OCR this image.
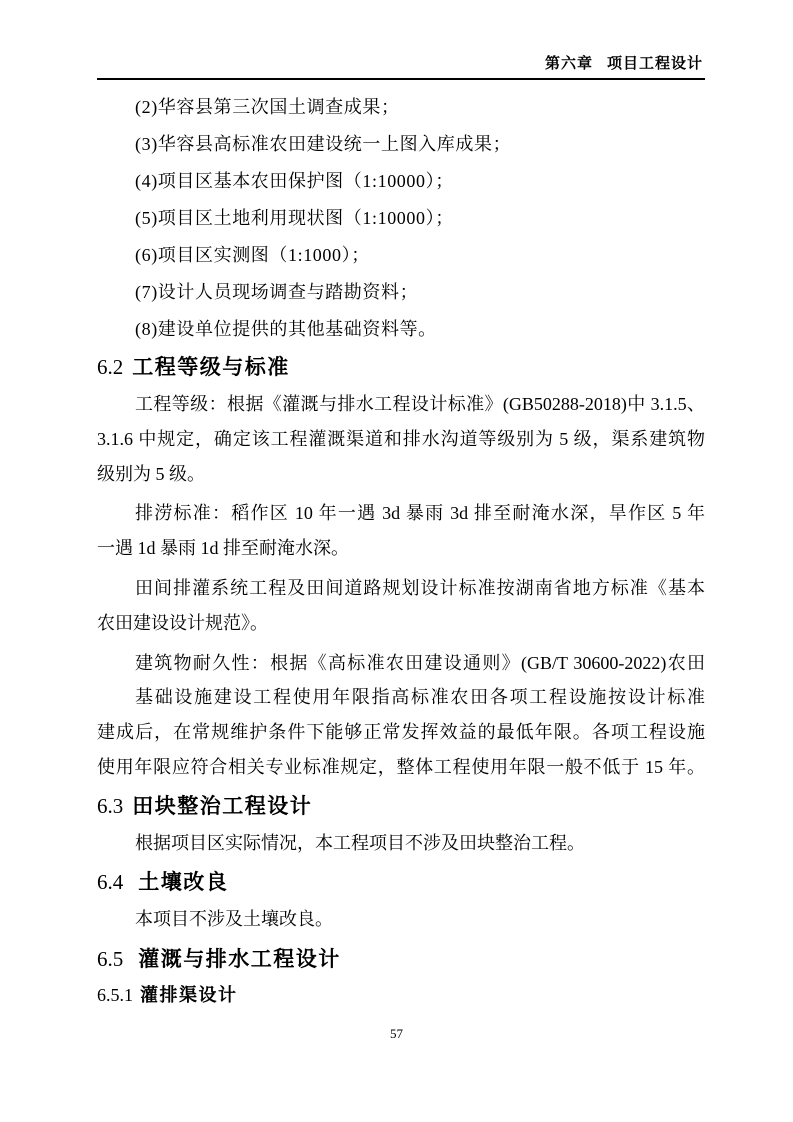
第六章 项目工程设计
(2)华容县第三次国土调查成果；
(3)华容县高标准农田建设统一上图入库成果；
(4)项目区基本农田保护图（1:10000）；
(5)项目区土地利用现状图（1:10000）；
(6)项目区实测图（1:1000）；
(7)设计人员现场调查与踏勘资料；
(8)建设单位提供的其他基础资料等。
6.2 工程等级与标准
工程等级：根据《灌溉与排水工程设计标准》(GB50288-2018)中 3.1.5、
3.1.6 中规定，确定该工程灌溉渠道和排水沟道等级别为 5 级，渠系建筑物
级别为 5 级。
排涝标准：稻作区 10 年一遇 3d 暴雨 3d 排至耐淹水深，旱作区 5 年
一遇 1d 暴雨 1d 排至耐淹水深。
田间排灌系统工程及田间道路规划设计标准按湖南省地方标准《基本
农田建设设计规范》。
建筑物耐久性：根据《高标准农田建设通则》(GB/T 30600-2022)农田
基础设施建设工程使用年限指高标准农田各项工程设施按设计标准
建成后，在常规维护条件下能够正常发挥效益的最低年限。各项工程设施
使用年限应符合相关专业标准规定，整体工程使用年限一般不低于 15 年。
6.3 田块整治工程设计
根据项目区实际情况，本工程项目不涉及田块整治工程。
6.4 土壤改良
本项目不涉及土壤改良。
6.5 灌溉与排水工程设计
6.5.1 灌排渠设计
57
